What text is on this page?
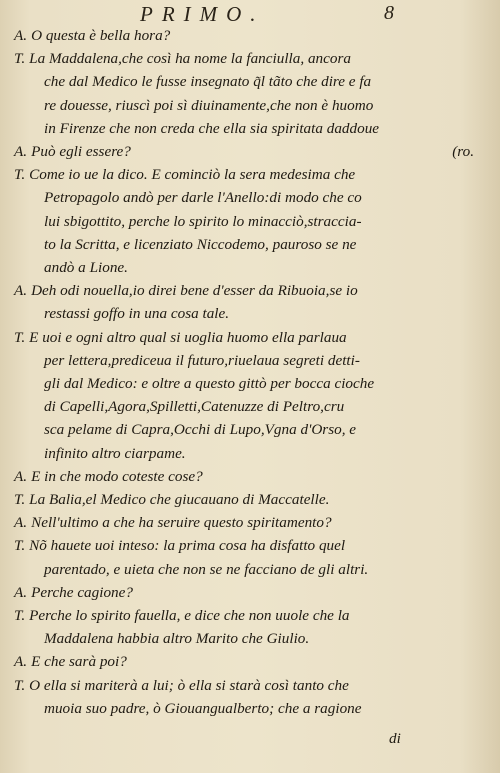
PRIMO.	8
A. O questa è bella hora?
T. La Maddalena,che così ha nome la fanciulla, ancora
che dal Medico le fusse insegnato q̃l tãto che dire e fa
re douesse, riuscì poi sì diuinamente,che non è huomo
in Firenze che non creda che ella sia spiritata daddoue
A. Può egli essere?	(ro.
T. Come io ue la dico. E cominciò la sera medesima che
Petropagolo andò per darle l'Anello:di modo che co
lui sbigottito, perche lo spirito lo minacciò,straccia-
to la Scritta, e licenziato Niccodemo, pauroso se ne
andò a Lione.
A. Deh odi nouella,io direi bene d'esser da Ribuoia,se io
restassi goffo in una cosa tale.
T. E uoi e ogni altro qual si uoglia huomo ella parlaua
per lettera,prediceua il futuro,riuelaua segreti detti-
gli dal Medico: e oltre a questo gittò per bocca cioche
di Capelli,Agora,Spilletti,Catenuzze di Peltro,cru
sca pelame di Capra,Occhi di Lupo,Vgna d'Orso, e
infinito altro ciarpame.
A. E in che modo coteste cose?
T. La Balia,el Medico che giucauano di Maccatelle.
A. Nell'ultimo a che ha seruire questo spiritamento?
T. Nõ hauete uoi inteso: la prima cosa ha disfatto quel
parentado, e uieta che non se ne facciano de gli altri.
A. Perche cagione?
T. Perche lo spirito fauella, e dice che non uuole che la
Maddalena habbia altro Marito che Giulio.
A. E che sarà poi?
T. O ella si mariterà a lui; ò ella si starà così tanto che
muoia suo padre, ò Giouangualberto; che a ragione
di
